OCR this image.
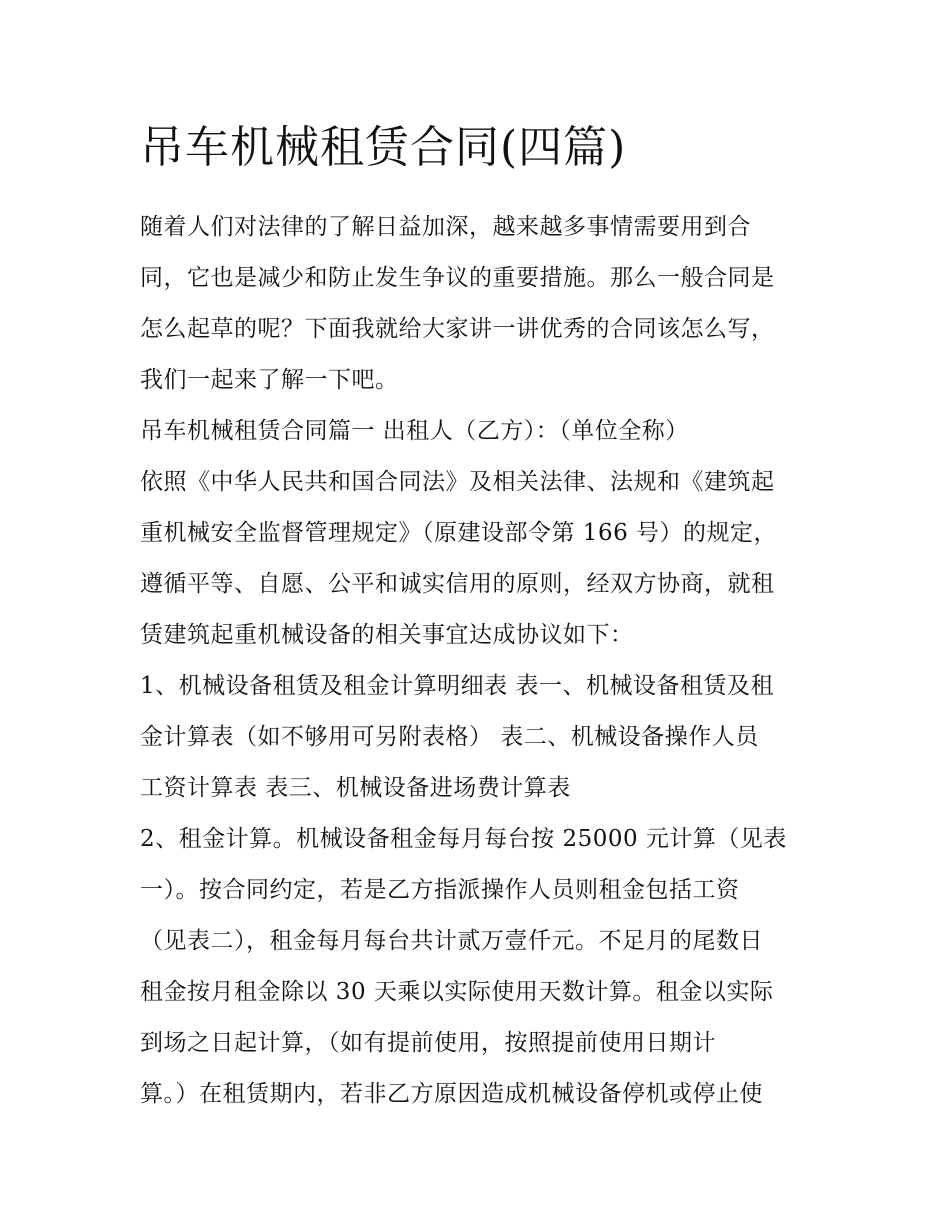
吊车机械租赁合同(四篇)
随着人们对法律的了解日益加深，越来越多事情需要用到合
同，它也是减少和防止发生争议的重要措施。那么一般合同是
怎么起草的呢？下面我就给大家讲一讲优秀的合同该怎么写，
我们一起来了解一下吧。
吊车机械租赁合同篇一 出租人（乙方）：（单位全称）
依照《中华人民共和国合同法》及相关法律、法规和《建筑起
重机械安全监督管理规定》（原建设部令第 166 号）的规定，
遵循平等、自愿、公平和诚实信用的原则，经双方协商，就租
赁建筑起重机械设备的相关事宜达成协议如下：
1、机械设备租赁及租金计算明细表 表一、机械设备租赁及租
金计算表（如不够用可另附表格） 表二、机械设备操作人员
工资计算表 表三、机械设备进场费计算表
2、租金计算。机械设备租金每月每台按 25000 元计算（见表
一）。按合同约定，若是乙方指派操作人员则租金包括工资
（见表二），租金每月每台共计贰万壹仟元。不足月的尾数日
租金按月租金除以 30 天乘以实际使用天数计算。租金以实际
到场之日起计算，（如有提前使用，按照提前使用日期计
算。）在租赁期内，若非乙方原因造成机械设备停机或停止使
